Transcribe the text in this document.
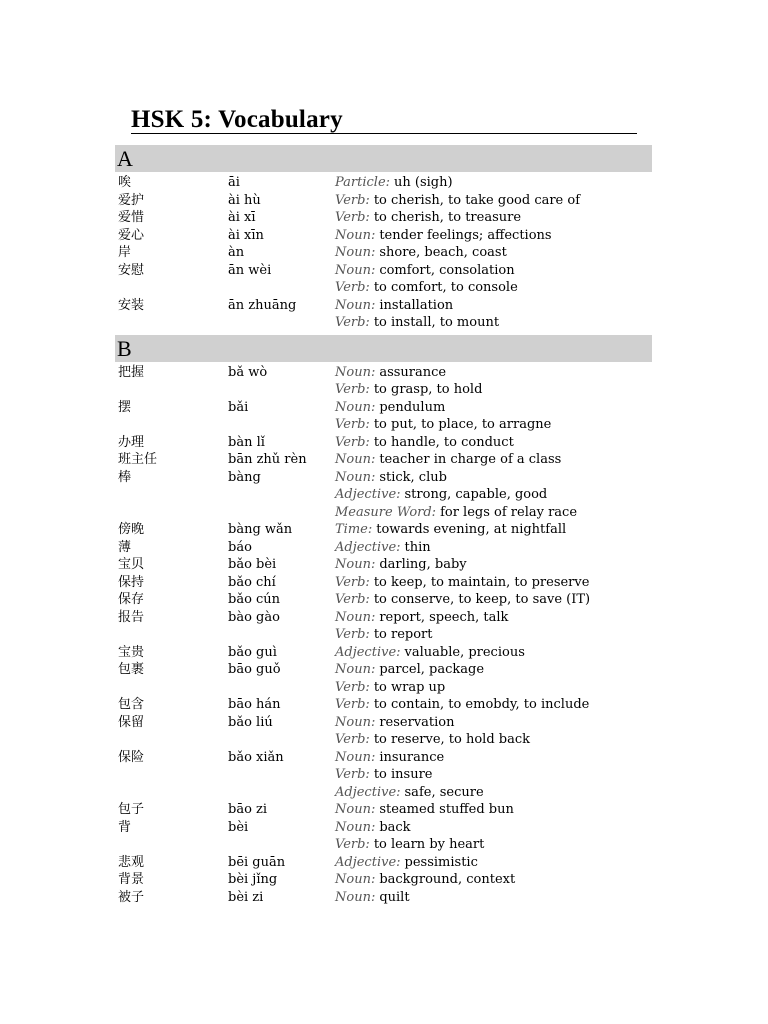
HSK 5: Vocabulary
A
唉	āi	Particle: uh (sigh)
爱护	ài hù	Verb: to cherish, to take good care of
爱惜	ài xī	Verb: to cherish, to treasure
爱心	ài xīn	Noun: tender feelings; affections
岸	àn	Noun: shore, beach, coast
安慰	ān wèi	Noun: comfort, consolation
Verb: to comfort, to console
安装	ān zhuāng	Noun: installation
Verb: to install, to mount
B
把握	bǎ wò	Noun: assurance
Verb: to grasp, to hold
摆	bǎi	Noun: pendulum
Verb: to put, to place, to arragne
办理	bàn lǐ	Verb: to handle, to conduct
班主任	bān zhǔ rèn	Noun: teacher in charge of a class
棒	bàng	Noun: stick, club
Adjective: strong, capable, good
Measure Word: for legs of relay race
傍晚	bàng wǎn	Time: towards evening, at nightfall
薄	báo	Adjective: thin
宝贝	bǎo bèi	Noun: darling, baby
保持	bǎo chí	Verb: to keep, to maintain, to preserve
保存	bǎo cún	Verb: to conserve, to keep, to save (IT)
报告	bào gào	Noun: report, speech, talk
Verb: to report
宝贵	bǎo guì	Adjective: valuable, precious
包裹	bāo guǒ	Noun: parcel, package
Verb: to wrap up
包含	bāo hán	Verb: to contain, to emobdy, to include
保留	bǎo liú	Noun: reservation
Verb: to reserve, to hold back
保险	bǎo xiǎn	Noun: insurance
Verb: to insure
Adjective: safe, secure
包子	bāo zi	Noun: steamed stuffed bun
背	bèi	Noun: back
Verb: to learn by heart
悲观	bēi guān	Adjective: pessimistic
背景	bèi jǐng	Noun: background, context
被子	bèi zi	Noun: quilt
